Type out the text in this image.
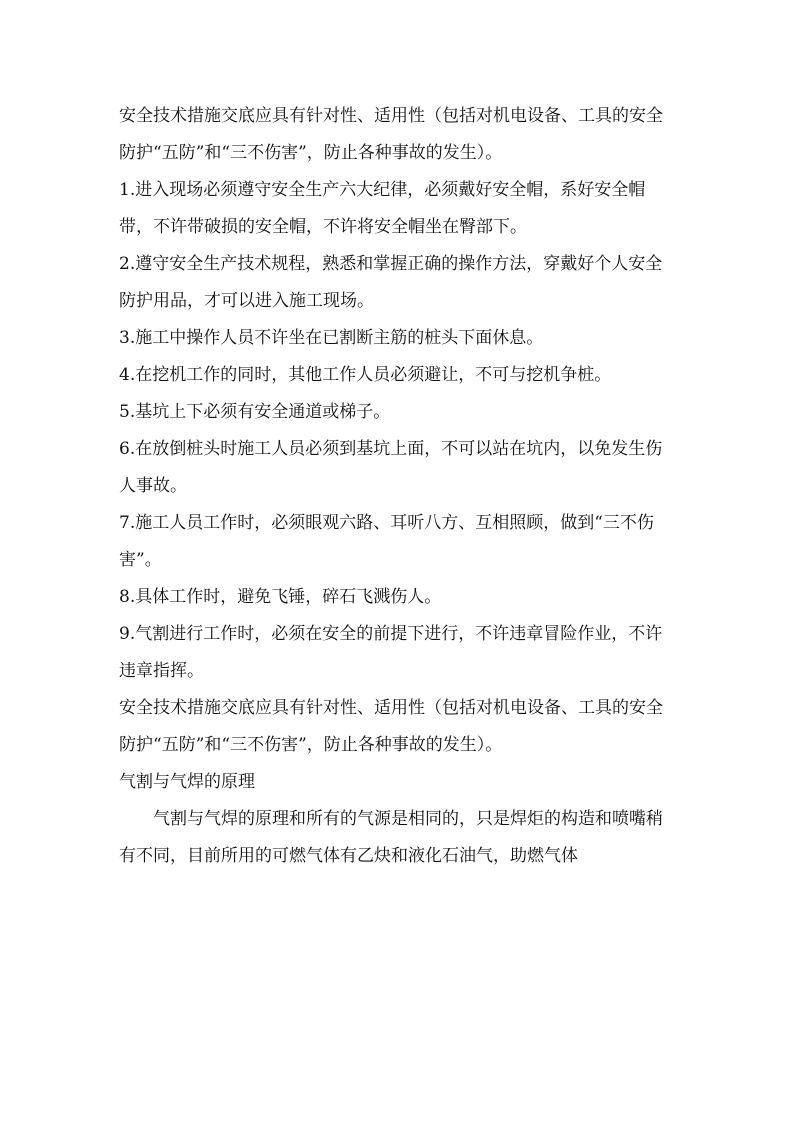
安全技术措施交底应具有针对性、适用性（包括对机电设备、工具的安全防护“五防”和“三不伤害”，防止各种事故的发生）。

1.进入现场必须遵守安全生产六大纪律，必须戴好安全帽，系好安全帽带，不许带破损的安全帽，不许将安全帽坐在臀部下。

2.遵守安全生产技术规程，熟悉和掌握正确的操作方法，穿戴好个人安全防护用品，才可以进入施工现场。

3.施工中操作人员不许坐在已割断主筋的桩头下面休息。

4.在挖机工作的同时，其他工作人员必须避让，不可与挖机争桩。

5.基坑上下必须有安全通道或梯子。

6.在放倒桩头时施工人员必须到基坑上面，不可以站在坑内，以免发生伤人事故。

7.施工人员工作时，必须眼观六路、耳听八方、互相照顾，做到“三不伤害”。

8.具体工作时，避免飞锤，碎石飞溅伤人。

9.气割进行工作时，必须在安全的前提下进行，不许违章冒险作业，不许违章指挥。

安全技术措施交底应具有针对性、适用性（包括对机电设备、工具的安全防护“五防”和“三不伤害”，防止各种事故的发生）。

气割与气焊的原理

气割与气焊的原理和所有的气源是相同的，只是焊炬的构造和喷嘴稍有不同，目前所用的可燃气体有乙炔和液化石油气，助燃气体
